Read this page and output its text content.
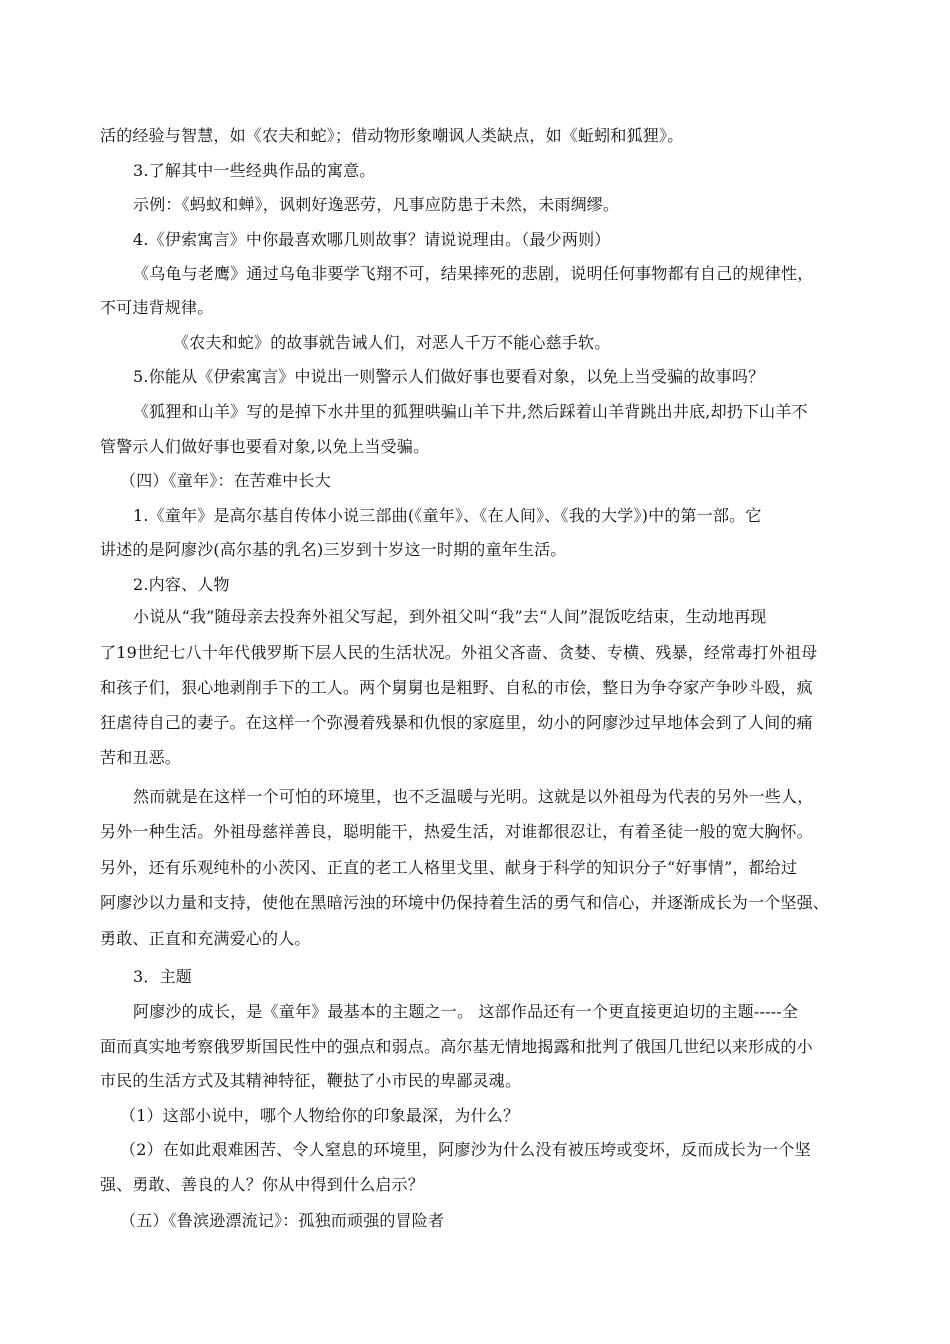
活的经验与智慧，如《农夫和蛇》；借动物形象嘲讽人类缺点，如《蚯蚓和狐狸》。
3.了解其中一些经典作品的寓意。
示例：《蚂蚁和蝉》，讽刺好逸恶劳，凡事应防患于未然，未雨绸缪。
4.《伊索寓言》中你最喜欢哪几则故事？请说说理由。（最少两则）
《乌龟与老鹰》通过乌龟非要学飞翔不可，结果摔死的悲剧，说明任何事物都有自己的规律性，
不可违背规律。
《农夫和蛇》的故事就告诫人们，对恶人千万不能心慈手软。
5.你能从《伊索寓言》中说出一则警示人们做好事也要看对象，以免上当受骗的故事吗？
《狐狸和山羊》写的是掉下水井里的狐狸哄骗山羊下井,然后踩着山羊背跳出井底,却扔下山羊不
管警示人们做好事也要看对象,以免上当受骗。
（四）《童年》：在苦难中长大
1.《童年》是高尔基自传体小说三部曲(《童年》、《在人间》、《我的大学》)中的第一部。它
讲述的是阿廖沙(高尔基的乳名)三岁到十岁这一时期的童年生活。
2.内容、人物
小说从“我”随母亲去投奔外祖父写起，到外祖父叫“我”去“人间”混饭吃结束，生动地再现
了19世纪七八十年代俄罗斯下层人民的生活状况。外祖父吝啬、贪婪、专横、残暴，经常毒打外祖母
和孩子们，狠心地剥削手下的工人。两个舅舅也是粗野、自私的市侩，整日为争夺家产争吵斗殴，疯
狂虐待自己的妻子。在这样一个弥漫着残暴和仇恨的家庭里，幼小的阿廖沙过早地体会到了人间的痛
苦和丑恶。
然而就是在这样一个可怕的环境里，也不乏温暖与光明。这就是以外祖母为代表的另外一些人，
另外一种生活。外祖母慈祥善良，聪明能干，热爱生活，对谁都很忍让，有着圣徒一般的宽大胸怀。
另外，还有乐观纯朴的小茨冈、正直的老工人格里戈里、献身于科学的知识分子“好事情”，都给过
阿廖沙以力量和支持，使他在黑暗污浊的环境中仍保持着生活的勇气和信心，并逐渐成长为一个坚强、
勇敢、正直和充满爱心的人。
3．主题
阿廖沙的成长，是《童年》最基本的主题之一。 这部作品还有一个更直接更迫切的主题-----全
面而真实地考察俄罗斯国民性中的强点和弱点。高尔基无情地揭露和批判了俄国几世纪以来形成的小
市民的生活方式及其精神特征，鞭挞了小市民的卑鄙灵魂。
（1）这部小说中，哪个人物给你的印象最深，为什么？
（2）在如此艰难困苦、令人窒息的环境里，阿廖沙为什么没有被压垮或变坏，反而成长为一个坚
强、勇敢、善良的人？你从中得到什么启示？
（五）《鲁滨逊漂流记》：孤独而顽强的冒险者
